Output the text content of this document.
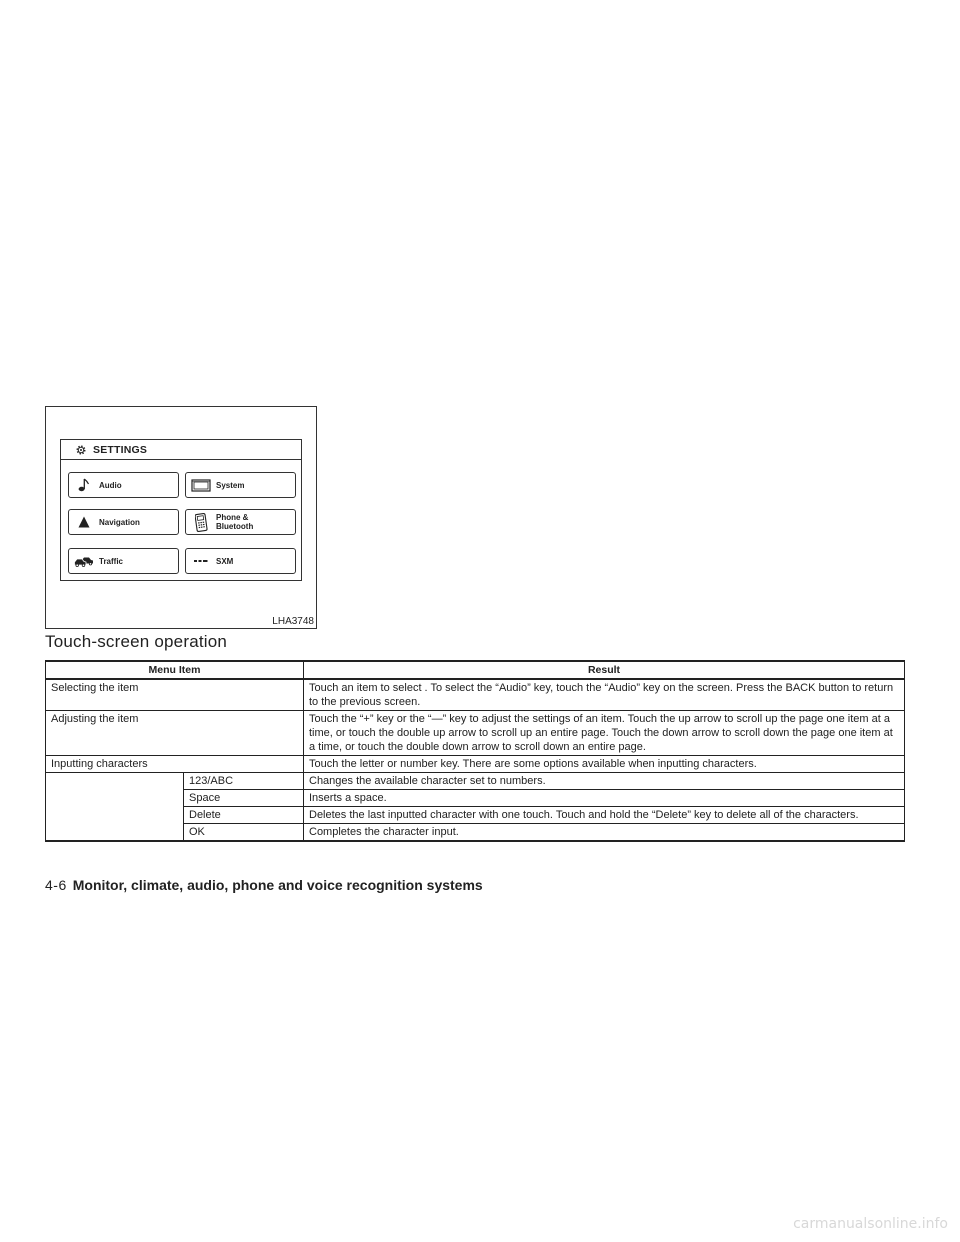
SETTINGS
Audio	System
Navigation	Phone &
Bluetooth
Traffic	SXM
LHA3748
Touch-screen operation
Menu Item		Result
Selecting the item		Touch an item to select . To select the “Audio” key, touch the “Audio” key on the screen. Press the BACK button to return to the previous screen.
Adjusting the item		Touch the “+” key or the “—” key to adjust the settings of an item. Touch the up arrow to scroll up the page one item at a time, or touch the double up arrow to scroll up an entire page. Touch the down arrow to scroll down the page one item at a time, or touch the double down arrow to scroll down an entire page.
Inputting characters		Touch the letter or number key. There are some options available when inputting characters.
	123/ABC	Changes the available character set to numbers.
	Space	Inserts a space.
	Delete	Deletes the last inputted character with one touch. Touch and hold the “Delete” key to delete all of the characters.
	OK	Completes the character input.
4-6 Monitor, climate, audio, phone and voice recognition systems
carmanualsonline.info
